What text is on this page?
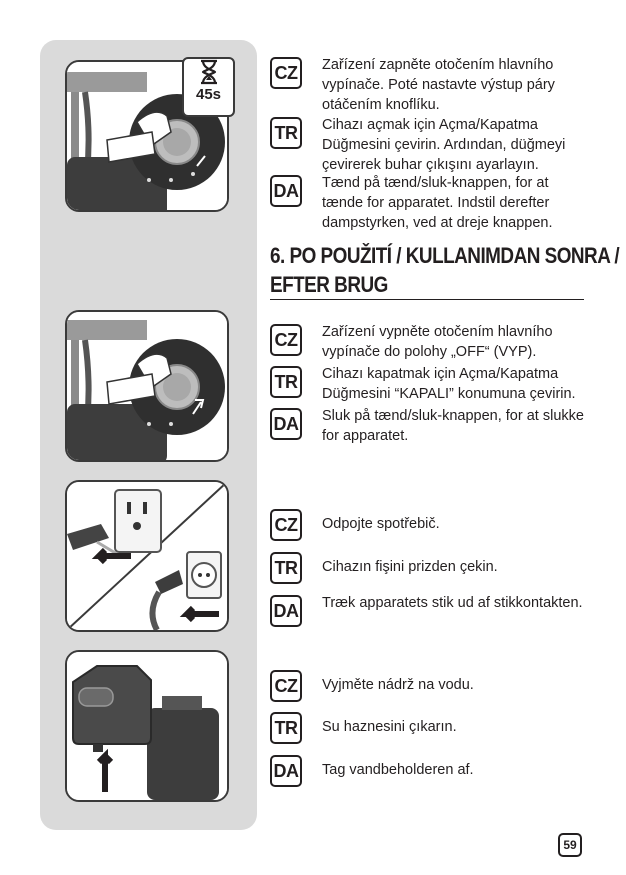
45s
CZ	Zařízení zapněte otočením hlavního vypínače. Poté nastavte výstup páry otáčením knoflíku.
TR	Cihazı açmak için Açma/Kapatma Düğmesini çevirin. Ardından, düğmeyi çevirerek buhar çıkışını ayarlayın.
DA Tænd på tænd/sluk-knappen, for at tænde for apparatet. Indstil derefter dampstyrken, ved at dreje knappen.
6. PO POUŽITÍ / KULLANIMDAN SONRA /
EFTER BRUG
CZ	Zařízení vypněte otočením hlavního vypínače do polohy „OFF“ (VYP).
TR	Cihazı kapatmak için Açma/Kapatma Düğmesini “KAPALI” konumuna çevirin.
DA Sluk på tænd/sluk-knappen, for at slukke for apparatet.
CZ	Odpojte spotřebič.
TR	Cihazın fişini prizden çekin.
DA Træk apparatets stik ud af stikkontakten.
CZ	Vyjměte nádrž na vodu.
TR	Su haznesini çıkarın.
DA Tag vandbeholderen af.
59
